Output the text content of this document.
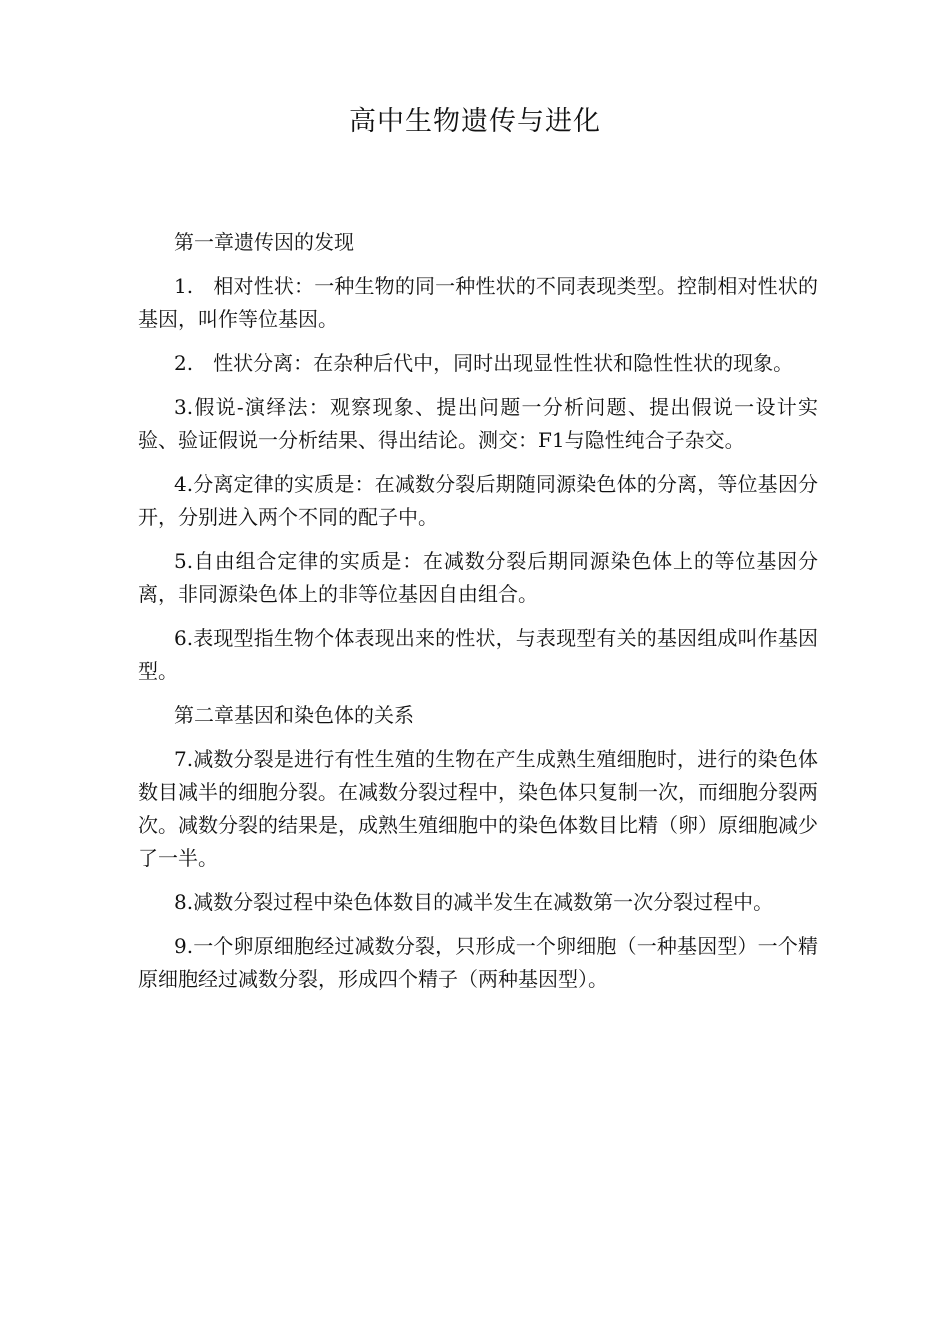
高中生物遗传与进化

第一章遗传因的发现

1.　相对性状：一种生物的同一种性状的不同表现类型。控制相对性状的基因，叫作等位基因。

2.　性状分离：在杂种后代中，同时出现显性性状和隐性性状的现象。

3.假说-演绎法：观察现象、提出问题一分析问题、提出假说一设计实验、验证假说一分析结果、得出结论。测交：F1与隐性纯合子杂交。

4.分离定律的实质是：在减数分裂后期随同源染色体的分离，等位基因分开，分别进入两个不同的配子中。

5.自由组合定律的实质是：在减数分裂后期同源染色体上的等位基因分离，非同源染色体上的非等位基因自由组合。

6.表现型指生物个体表现出来的性状，与表现型有关的基因组成叫作基因型。

第二章基因和染色体的关系

7.减数分裂是进行有性生殖的生物在产生成熟生殖细胞时，进行的染色体数目减半的细胞分裂。在减数分裂过程中，染色体只复制一次，而细胞分裂两次。减数分裂的结果是，成熟生殖细胞中的染色体数目比精（卵）原细胞减少了一半。

8.减数分裂过程中染色体数目的减半发生在减数第一次分裂过程中。

9.一个卵原细胞经过减数分裂，只形成一个卵细胞（一种基因型）一个精原细胞经过减数分裂，形成四个精子（两种基因型）。
